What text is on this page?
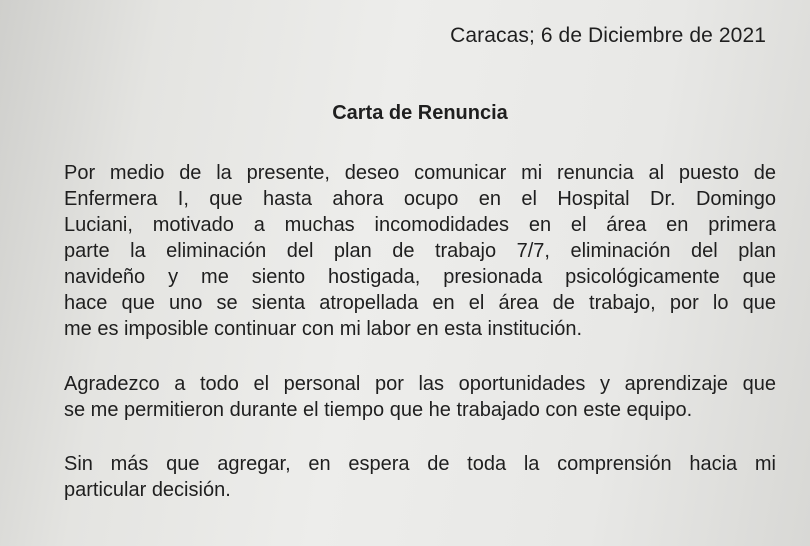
Caracas; 6 de Diciembre de 2021
Carta de Renuncia
Por medio de la presente, deseo comunicar mi renuncia al puesto de
Enfermera I, que hasta ahora ocupo en el Hospital Dr. Domingo
Luciani, motivado a muchas incomodidades en el área en primera
parte la eliminación del plan de trabajo 7/7, eliminación del plan
navideño y me siento hostigada, presionada psicológicamente que
hace que uno se sienta atropellada en el área de trabajo, por lo que
me es imposible continuar con mi labor en esta institución.
Agradezco a todo el personal por las oportunidades y aprendizaje que
se me permitieron durante el tiempo que he trabajado con este equipo.
Sin más que agregar, en espera de toda la comprensión hacia mi
particular decisión.
